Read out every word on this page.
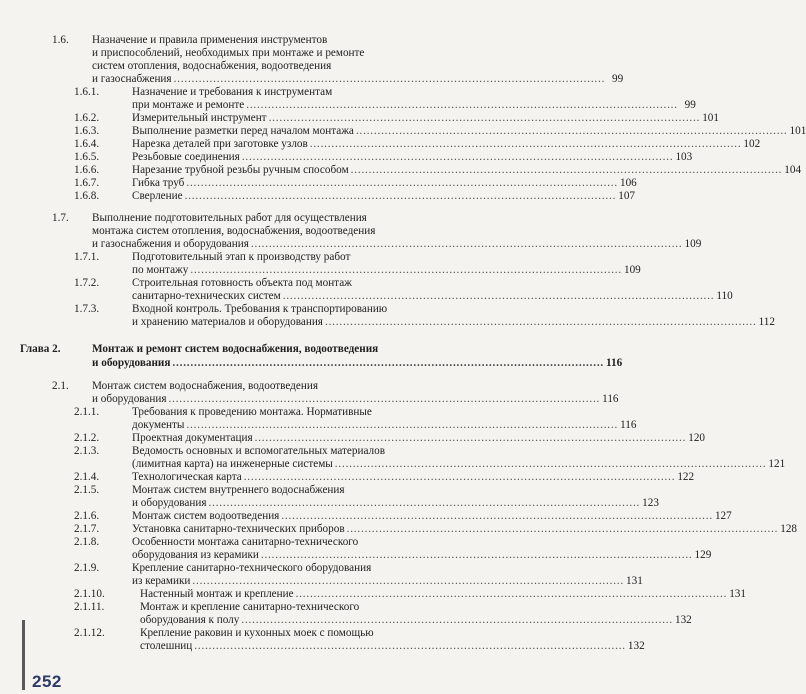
1.6. Назначение и правила применения инструментов
и приспособлений, необходимых при монтаже и ремонте
систем отопления, водоснабжения, водоотведения
и газоснабжения ........................................................................................................................ 99
1.6.1.	Назначение и требования к инструментам
при монтаже и ремонте ........................................................................................................................ 99
1.6.2.	Измерительный инструмент ........................................................................................................................ 101
1.6.3.	Выполнение разметки перед началом монтажа ........................................................................................................................ 101
1.6.4.	Нарезка деталей при заготовке узлов ........................................................................................................................ 102
1.6.5.	Резьбовые соединения ........................................................................................................................ 103
1.6.6.	Нарезание трубной резьбы ручным способом ........................................................................................................................ 104
1.6.7.	Гибка труб ........................................................................................................................ 106
1.6.8.	Сверление ........................................................................................................................ 107
1.7. Выполнение подготовительных работ для осуществления
монтажа систем отопления, водоснабжения, водоотведения
и газоснабжения и оборудования ........................................................................................................................ 109
1.7.1.	Подготовительный этап к производству работ
по монтажу ........................................................................................................................ 109
1.7.2.	Строительная готовность объекта под монтаж
санитарно-технических систем ........................................................................................................................ 110
1.7.3.	Входной контроль. Требования к транспортированию
и хранению материалов и оборудования ........................................................................................................................ 112
Глава 2.	Монтаж и ремонт систем водоснабжения, водоотведения
и оборудования ........................................................................................................................ 116
2.1. Монтаж систем водоснабжения, водоотведения
и оборудования ........................................................................................................................ 116
2.1.1.	Требования к проведению монтажа. Нормативные
документы ........................................................................................................................ 116
2.1.2.	Проектная документация ........................................................................................................................ 120
2.1.3.	Ведомость основных и вспомогательных материалов
(лимитная карта) на инженерные системы ........................................................................................................................ 121
2.1.4.	Технологическая карта ........................................................................................................................ 122
2.1.5.	Монтаж систем внутреннего водоснабжения
и оборудования ........................................................................................................................ 123
2.1.6.	Монтаж систем водоотведения ........................................................................................................................ 127
2.1.7.	Установка санитарно-технических приборов ........................................................................................................................ 128
2.1.8.	Особенности монтажа санитарно-технического
оборудования из керамики ........................................................................................................................ 129
2.1.9.	Крепление санитарно-технического оборудования
из керамики ........................................................................................................................ 131
2.1.10.	Настенный монтаж и крепление ........................................................................................................................ 131
2.1.11.	Монтаж и крепление санитарно-технического
оборудования к полу ........................................................................................................................ 132
2.1.12.	Крепление раковин и кухонных моек с помощью
столешниц ........................................................................................................................ 132
252
